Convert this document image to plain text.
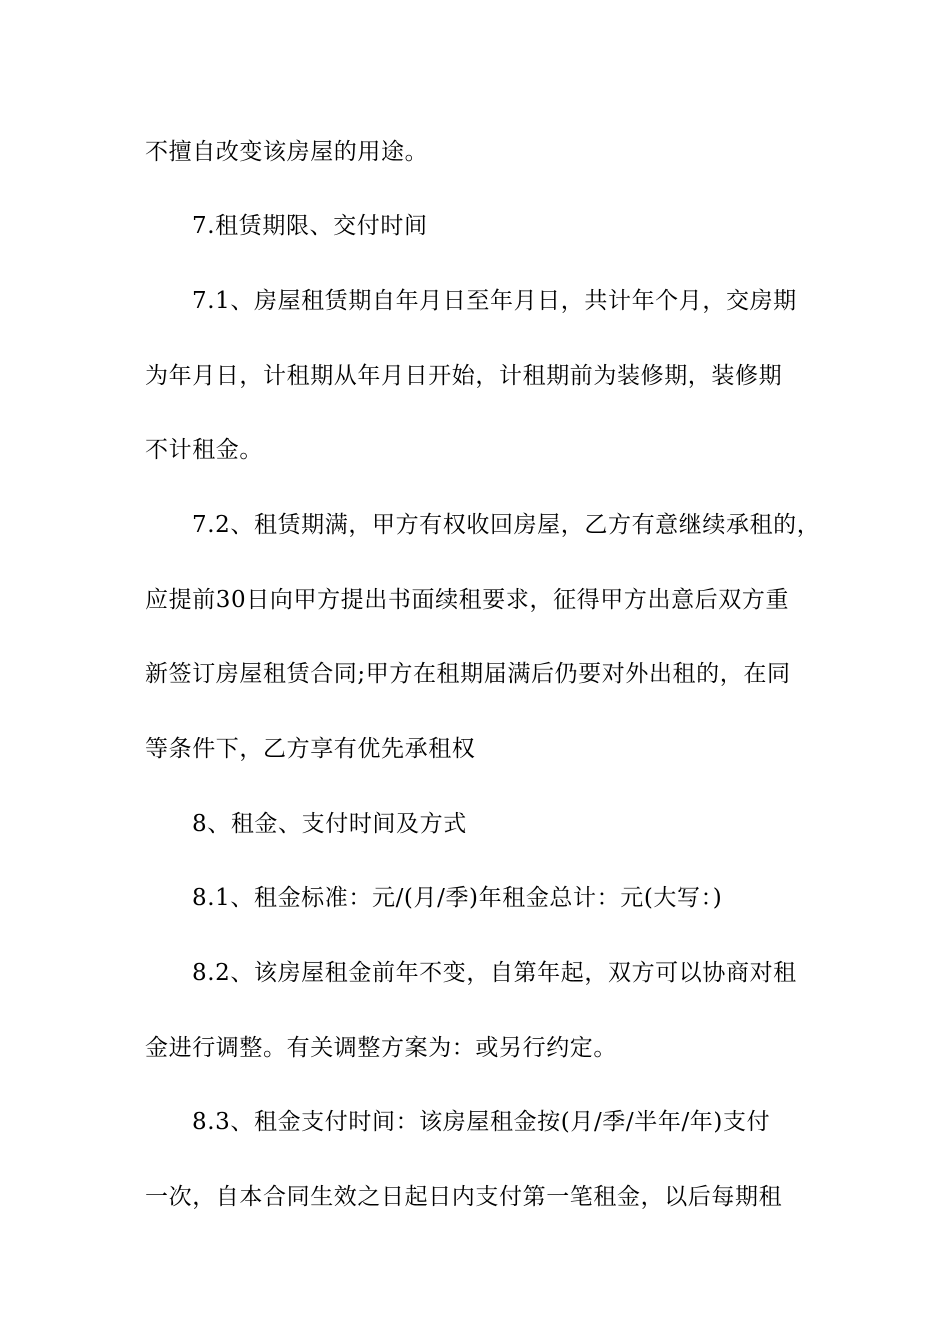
不擅自改变该房屋的用途。
7.租赁期限、交付时间
7.1、房屋租赁期自年月日至年月日，共计年个月，交房期
为年月日，计租期从年月日开始，计租期前为装修期，装修期
不计租金。
7.2、租赁期满，甲方有权收回房屋，乙方有意继续承租的，
应提前30日向甲方提出书面续租要求，征得甲方出意后双方重
新签订房屋租赁合同;甲方在租期届满后仍要对外出租的，在同
等条件下，乙方享有优先承租权
8、租金、支付时间及方式
8.1、租金标准：元/(月/季)年租金总计：元(大写：)
8.2、该房屋租金前年不变，自第年起，双方可以协商对租
金进行调整。有关调整方案为：或另行约定。
8.3、租金支付时间：该房屋租金按(月/季/半年/年)支付
一次，自本合同生效之日起日内支付第一笔租金，以后每期租
